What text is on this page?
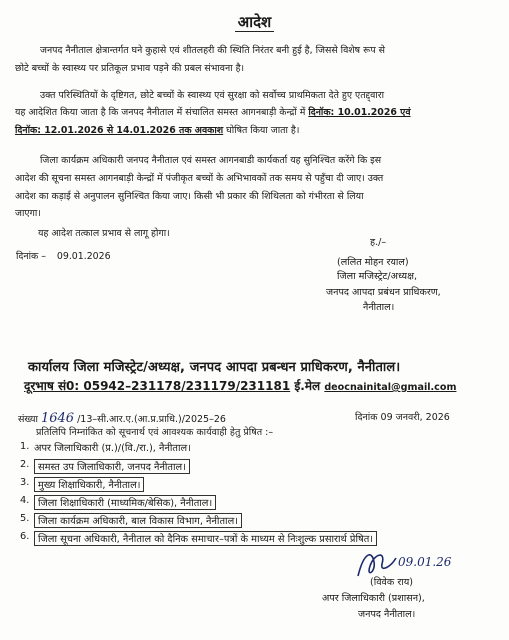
आदेश
जनपद नैनीताल क्षेत्रान्तर्गत घने कुहासे एवं शीतलहरी की स्थिति निरंतर बनी हुई है, जिससे विशेष रूप से
छोटे बच्चों के स्वास्थ्य पर प्रतिकूल प्रभाव पड़ने की प्रबल संभावना है।
उक्त परिस्थितियों के दृष्टिगत, छोटे बच्चों के स्वास्थ्य एवं सुरक्षा को सर्वोच्च प्राथमिकता देते हुए एतद्द्वारा
यह आदेशित किया जाता है कि जनपद नैनीताल में संचालित समस्त आगनबाड़ी केन्द्रों में दिनॉक: 10.01.2026 एवं
दिनॉक: 12.01.2026 से 14.01.2026 तक अवकाश घोषित किया जाता है।
जिला कार्यक्रम अधिकारी जनपद नैनीताल एवं समस्त आगनबाडी कार्यकर्ता यह सुनिश्चित करेंगे कि इस
आदेश की सूचना समस्त आगनबाड़ी केन्द्रों में पंजीकृत बच्चों के अभिभावकों तक समय से पहुँचा दी जाए। उक्त
आदेश का कड़ाई से अनुपालन सुनिश्चित किया जाए। किसी भी प्रकार की शिथिलता को गंभीरता से लिया
जाएगा।
यह आदेश तत्काल प्रभाव से लागू होगा।
दिनांक – 09.01.2026
ह./–
(ललित मोहन रयाल)
जिला मजिस्ट्रेट/अध्यक्ष,
जनपद आपदा प्रबंधन प्राधिकरण,
नैनीताल।
कार्यालय जिला मजिस्ट्रेट/अध्यक्ष, जनपद आपदा प्रबन्धन प्राधिकरण, नैनीताल।
दूरभाष सं0: 05942–231178/231179/231181 ई.मेल deocnainital@gmail.com
संख्या 1646 /13–सी.आर.ए.(आ.प्र.प्राधि.)/2025–26	दिनांक 09 जनवरी, 2026
प्रतिलिपि निम्नांकित को सूचनार्थ एवं आवश्यक कार्यवाही हेतु प्रेषित :–
1. अपर जिलाधिकारी (प्र.)/(वि./रा.), नैनीताल।
2. समस्त उप जिलाधिकारी, जनपद नैनीताल।
3. मुख्य शिक्षाधिकारी, नैनीताल।
4. जिला शिक्षाधिकारी (माध्यमिक/बेसिक), नैनीताल।
5. जिला कार्यक्रम अधिकारी, बाल विकास विभाग, नैनीताल।
6. जिला सूचना अधिकारी, नैनीताल को दैनिक समाचार–पत्रों के माध्यम से निःशुल्क प्रसारार्थ प्रेषित।
09.01.26
(विवेक राय)
अपर जिलाधिकारी (प्रशासन),
जनपद नैनीताल।
